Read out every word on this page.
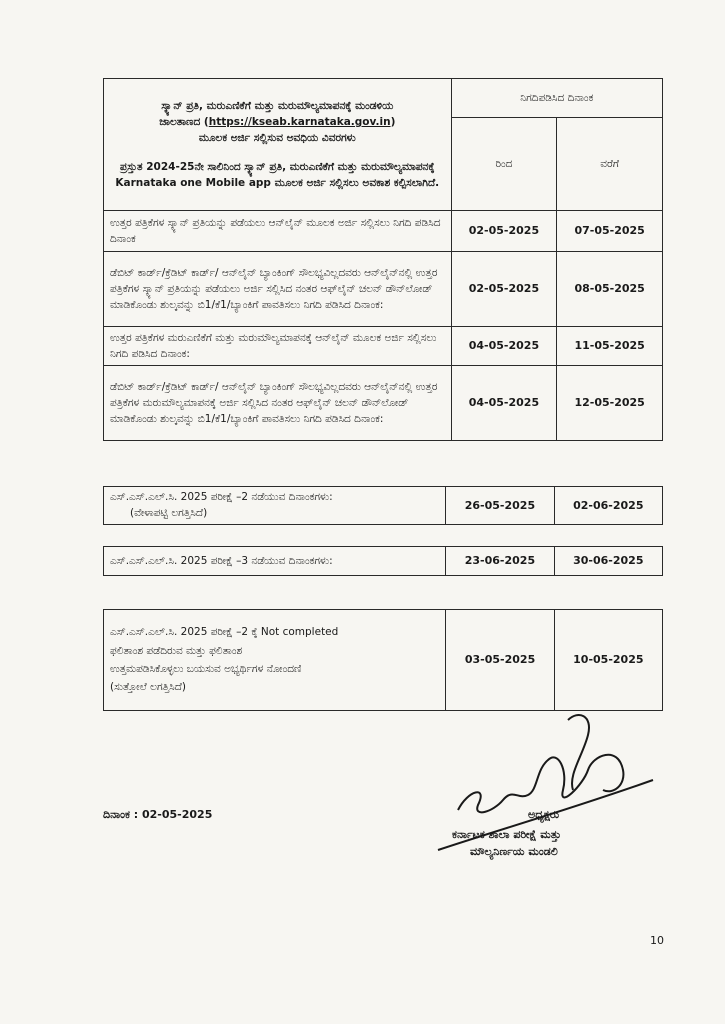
ಸ್ಕ್ಯಾನ್ ಪ್ರತಿ, ಮರುಎಣಿಕೆಗೆ ಮತ್ತು ಮರುಮೌಲ್ಯಮಾಪನಕ್ಕೆ ಮಂಡಳಿಯ
ಜಾಲತಾಣದ (https://kseab.karnataka.gov.in)
ಮೂಲಕ ಅರ್ಜಿ ಸಲ್ಲಿಸುವ ಅವಧಿಯ ವಿವರಗಳು
ಪ್ರಸ್ತುತ 2024-25ನೇ ಸಾಲಿನಿಂದ ಸ್ಕ್ಯಾನ್ ಪ್ರತಿ, ಮರುಎಣಿಕೆಗೆ ಮತ್ತು ಮರುಮೌಲ್ಯಮಾಪನಕ್ಕೆ Karnataka one Mobile app ಮೂಲಕ ಅರ್ಜಿ ಸಲ್ಲಿಸಲು ಅವಕಾಶ ಕಲ್ಪಿಸಲಾಗಿದೆ.	ನಿಗದಿಪಡಿಸಿದ ದಿನಾಂಕ	
	ರಿಂದ	ವರೆಗೆ
ಉತ್ತರ ಪತ್ರಿಕೆಗಳ ಸ್ಕ್ಯಾನ್ ಪ್ರತಿಯನ್ನು ಪಡೆಯಲು ಆನ್‌ಲೈನ್ ಮೂಲಕ ಅರ್ಜಿ ಸಲ್ಲಿಸಲು ನಿಗದಿ ಪಡಿಸಿದ ದಿನಾಂಕ	02-05-2025	07-05-2025
ಡೆಬಿಟ್ ಕಾರ್ಡ್/ಕ್ರೆಡಿಟ್ ಕಾರ್ಡ್/ ಆನ್‌ಲೈನ್ ಬ್ಯಾಂಕಿಂಗ್ ಸೌಲಭ್ಯವಿಲ್ಲದವರು ಆನ್‌ಲೈನ್‌ನಲ್ಲಿ ಉತ್ತರ ಪತ್ರಿಕೆಗಳ ಸ್ಕ್ಯಾನ್ ಪ್ರತಿಯನ್ನು ಪಡೆಯಲು ಅರ್ಜಿ ಸಲ್ಲಿಸಿದ ನಂತರ ಆಫ್‌ಲೈನ್ ಚಲನ್ ಡೌನ್‌ಲೋಡ್ ಮಾಡಿಕೊಂಡು ಶುಲ್ಕವನ್ನು ಬಿ1/ಕೆ1/ಬ್ಯಾಂಕಿಗೆ ಪಾವತಿಸಲು ನಿಗದಿ ಪಡಿಸಿದ ದಿನಾಂಕ:	02-05-2025	08-05-2025
ಉತ್ತರ ಪತ್ರಿಕೆಗಳ ಮರುಎಣಿಕೆಗೆ ಮತ್ತು ಮರುಮೌಲ್ಯಮಾಪನಕ್ಕೆ ಆನ್‌ಲೈನ್ ಮೂಲಕ ಅರ್ಜಿ ಸಲ್ಲಿಸಲು ನಿಗದಿ ಪಡಿಸಿದ ದಿನಾಂಕ:	04-05-2025	11-05-2025
ಡೆಬಿಟ್ ಕಾರ್ಡ್/ಕ್ರೆಡಿಟ್ ಕಾರ್ಡ್/ ಆನ್‌ಲೈನ್ ಬ್ಯಾಂಕಿಂಗ್ ಸೌಲಭ್ಯವಿಲ್ಲದವರು ಆನ್‌ಲೈನ್‌ನಲ್ಲಿ ಉತ್ತರ ಪತ್ರಿಕೆಗಳ ಮರುಮೌಲ್ಯಮಾಪನಕ್ಕೆ ಅರ್ಜಿ ಸಲ್ಲಿಸಿದ ನಂತರ ಆಫ್‌ಲೈನ್ ಚಲನ್ ಡೌನ್‌ಲೋಡ್ ಮಾಡಿಕೊಂಡು ಶುಲ್ಕವನ್ನು ಬಿ1/ಕೆ1/ಬ್ಯಾಂಕಿಗೆ ಪಾವತಿಸಲು ನಿಗದಿ ಪಡಿಸಿದ ದಿನಾಂಕ:	04-05-2025	12-05-2025
ಎಸ್.ಎಸ್.ಎಲ್.ಸಿ. 2025 ಪರೀಕ್ಷೆ –2 ನಡೆಯುವ ದಿನಾಂಕಗಳು:
(ವೇಳಾಪಟ್ಟಿ ಲಗತ್ತಿಸಿದೆ)
	26-05-2025	02-06-2025
ಎಸ್.ಎಸ್.ಎಲ್.ಸಿ. 2025 ಪರೀಕ್ಷೆ –3 ನಡೆಯುವ ದಿನಾಂಕಗಳು:	23-06-2025	30-06-2025
ಎಸ್.ಎಸ್.ಎಲ್.ಸಿ. 2025 ಪರೀಕ್ಷೆ –2 ಕ್ಕೆ Not completed
ಫಲಿತಾಂಶ ಪಡೆದಿರುವ ಮತ್ತು ಫಲಿತಾಂಶ
ಉತ್ತಮಪಡಿಸಿಕೊಳ್ಳಲು ಬಯಸುವ ಅಭ್ಯರ್ಥಿಗಳ ನೋಂದಣಿ
(ಸುತ್ತೋಲೆ ಲಗತ್ತಿಸಿದೆ)
	03-05-2025	10-05-2025
ದಿನಾಂಕ : 02-05-2025	ಅಧ್ಯಕ್ಷರು
ಕರ್ನಾಟಕ ಶಾಲಾ ಪರೀಕ್ಷೆ ಮತ್ತು
ಮೌಲ್ಯನಿರ್ಣಯ ಮಂಡಲಿ
10
